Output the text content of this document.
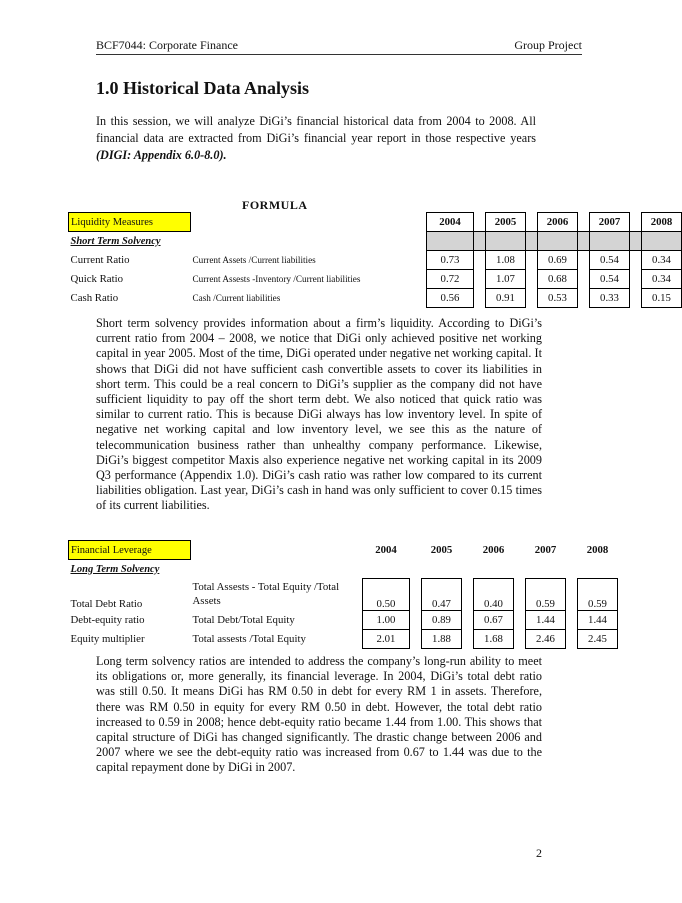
BCF7044: Corporate Finance	Group Project
1.0 Historical Data Analysis
In this session, we will analyze DiGi’s financial historical data from 2004 to 2008. All financial data are extracted from DiGi’s financial year report in those respective years (DIGI: Appendix 6.0-8.0).
FORMULA
Liquidity Measures		2004		2005		2006		2007		2008
Short Term Solvency										
Current Ratio	Current Assets /Current liabilities	0.73		1.08		0.69		0.54		0.34
Quick Ratio	Current Assests -Inventory /Current liabilities	0.72		1.07		0.68		0.54		0.34
Cash Ratio	Cash /Current liabilities	0.56		0.91		0.53		0.33		0.15
Short term solvency provides information about a firm’s liquidity. According to DiGi’s current ratio from 2004 – 2008, we notice that DiGi only achieved positive net working capital in year 2005. Most of the time, DiGi operated under negative net working capital. It shows that DiGi did not have sufficient cash convertible assets to cover its liabilities in short term. This could be a real concern to DiGi’s supplier as the company did not have sufficient liquidity to pay off the short term debt. We also noticed that quick ratio was similar to current ratio. This is because DiGi always has low inventory level. In spite of negative net working capital and low inventory level, we see this as the nature of telecommunication business rather than unhealthy company performance. Likewise, DiGi’s biggest competitor Maxis also experience negative net working capital in its 2009 Q3 performance (Appendix 1.0). DiGi’s cash ratio was rather low compared to its current liabilities obligation. Last year, DiGi’s cash in hand was only sufficient to cover 0.15 times of its current liabilities.
Financial Leverage		2004		2005		2006		2007		2008
Long Term Solvency										
Total Debt Ratio	Total Assests - Total Equity /Total Assets	0.50		0.47		0.40		0.59		0.59
Debt-equity ratio	Total Debt/Total Equity	1.00		0.89		0.67		1.44		1.44
Equity multiplier	Total assests /Total Equity	2.01		1.88		1.68		2.46		2.45
Long term solvency ratios are intended to address the company’s long-run ability to meet its obligations or, more generally, its financial leverage. In 2004, DiGi’s total debt ratio was still 0.50. It means DiGi has RM 0.50 in debt for every RM 1 in assets. Therefore, there was RM 0.50 in equity for every RM 0.50 in debt. However, the total debt ratio increased to 0.59 in 2008; hence debt-equity ratio became 1.44 from 1.00. This shows that capital structure of DiGi has changed significantly. The drastic change between 2006 and 2007 where we see the debt-equity ratio was increased from 0.67 to 1.44 was due to the capital repayment done by DiGi in 2007.
2
